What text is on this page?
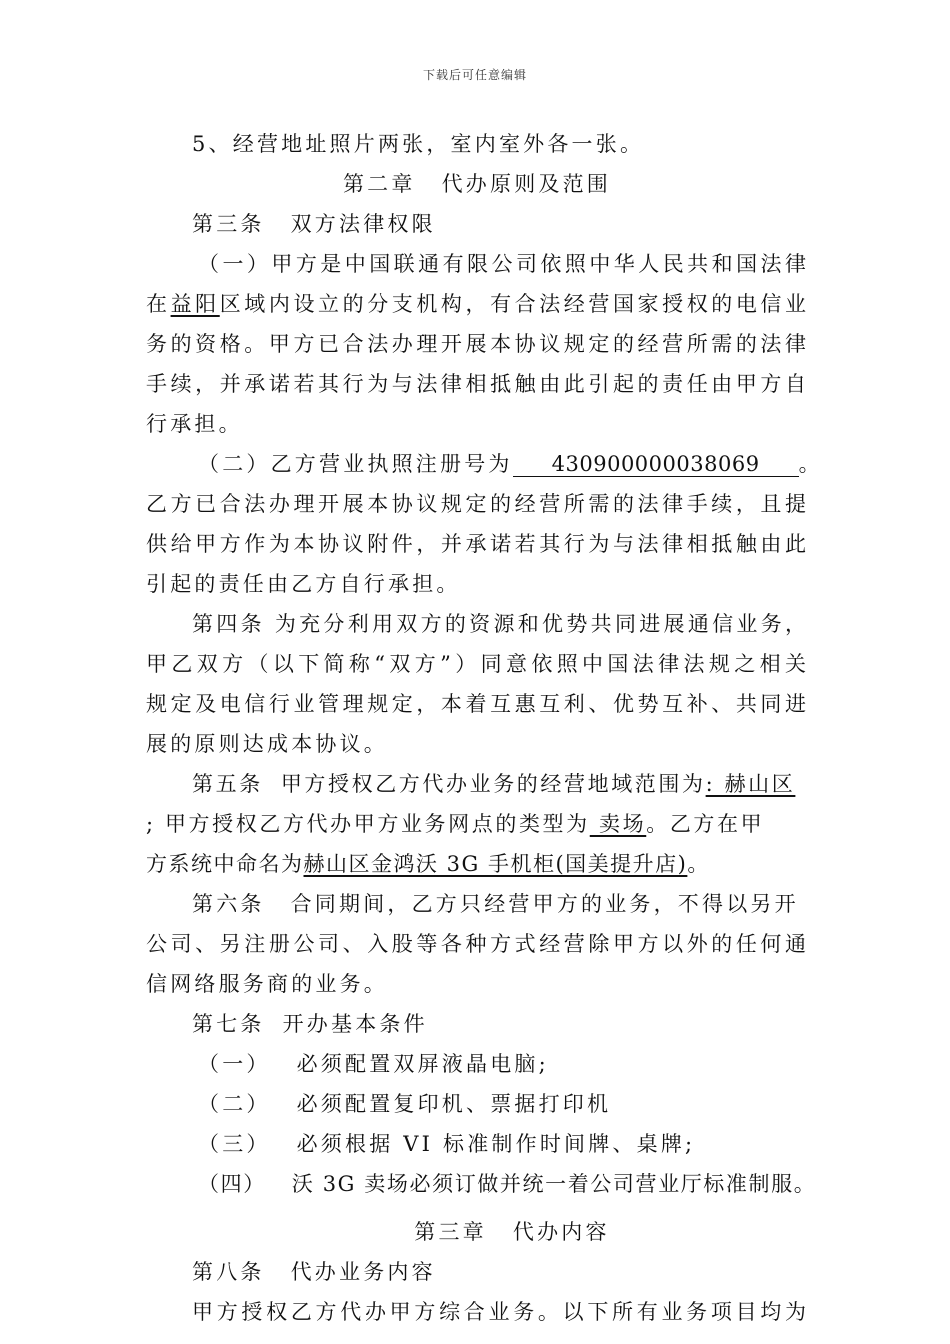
下载后可任意编辑
5、经营地址照片两张，室内室外各一张。
第二章 代办原则及范围
第三条 双方法律权限
（一）甲方是中国联通有限公司依照中华人民共和国法律
在益阳区域内设立的分支机构，有合法经营国家授权的电信业
务的资格。甲方已合法办理开展本协议规定的经营所需的法律
手续，并承诺若其行为与法律相抵触由此引起的责任由甲方自
行承担。
（二）乙方营业执照注册号为 430900000038069 。
乙方已合法办理开展本协议规定的经营所需的法律手续，且提
供给甲方作为本协议附件，并承诺若其行为与法律相抵触由此
引起的责任由乙方自行承担。
第四条 为充分利用双方的资源和优势共同进展通信业务，
甲乙双方（以下简称“双方”）同意依照中国法律法规之相关
规定及电信行业管理规定，本着互惠互利、优势互补、共同进
展的原则达成本协议。
第五条 甲方授权乙方代办业务的经营地域范围为: 赫山区
; 甲方授权乙方代办甲方业务网点的类型为 卖场。乙方在甲
方系统中命名为赫山区金鸿沃 3G 手机柜(国美提升店)。
第六条 合同期间，乙方只经营甲方的业务，不得以另开
公司、另注册公司、入股等各种方式经营除甲方以外的任何通
信网络服务商的业务。
第七条 开办基本条件
（一） 必须配置双屏液晶电脑;
（二） 必须配置复印机、票据打印机
（三） 必须根据 VI 标准制作时间牌、桌牌;
（四） 沃 3G 卖场必须订做并统一着公司营业厅标准制服。
第三章 代办内容
第八条 代办业务内容
甲方授权乙方代办甲方综合业务。以下所有业务项目均为
